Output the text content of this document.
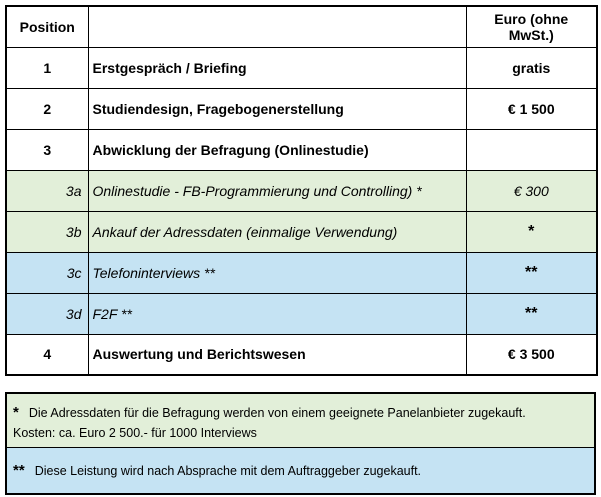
Position		Euro (ohne MwSt.)
1	Erstgespräch / Briefing	gratis
2	Studiendesign, Fragebogenerstellung	€ 1 500
3	Abwicklung der Befragung (Onlinestudie)	
3a	Onlinestudie - FB-Programmierung und Controlling) *	€ 300
3b	Ankauf der Adressdaten (einmalige Verwendung)	*
3c	Telefoninterviews **	**
3d	F2F **	**
4	Auswertung und Berichtswesen	€ 3 500
* Die Adressdaten für die Befragung werden von einem geeignete Panelanbieter zugekauft.
Kosten: ca. Euro 2 500.- für 1000 Interviews
** Diese Leistung wird nach Absprache mit dem Auftraggeber zugekauft.
